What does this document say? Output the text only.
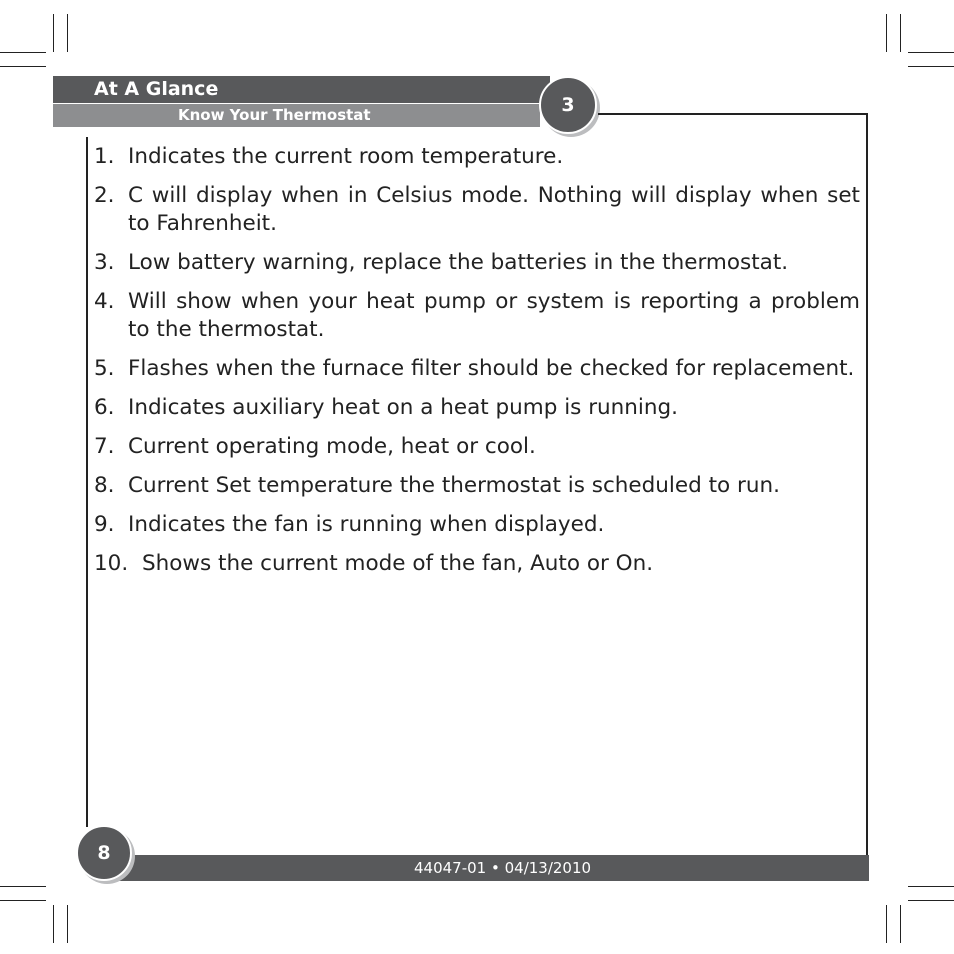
At A Glance
Know Your Thermostat	3
1. Indicates the current room temperature.
2. C will display when in Celsius mode. Nothing will display when set to Fahrenheit.
3. Low battery warning, replace the batteries in the thermostat.
4. Will show when your heat pump or system is reporting a problem to the thermostat.
5. Flashes when the furnace filter should be checked for replacement.
6. Indicates auxiliary heat on a heat pump is running.
7. Current operating mode, heat or cool.
8. Current Set temperature the thermostat is scheduled to run.
9. Indicates the fan is running when displayed.
10. Shows the current mode of the fan, Auto or On.
44047-01 • 04/13/2010
8
